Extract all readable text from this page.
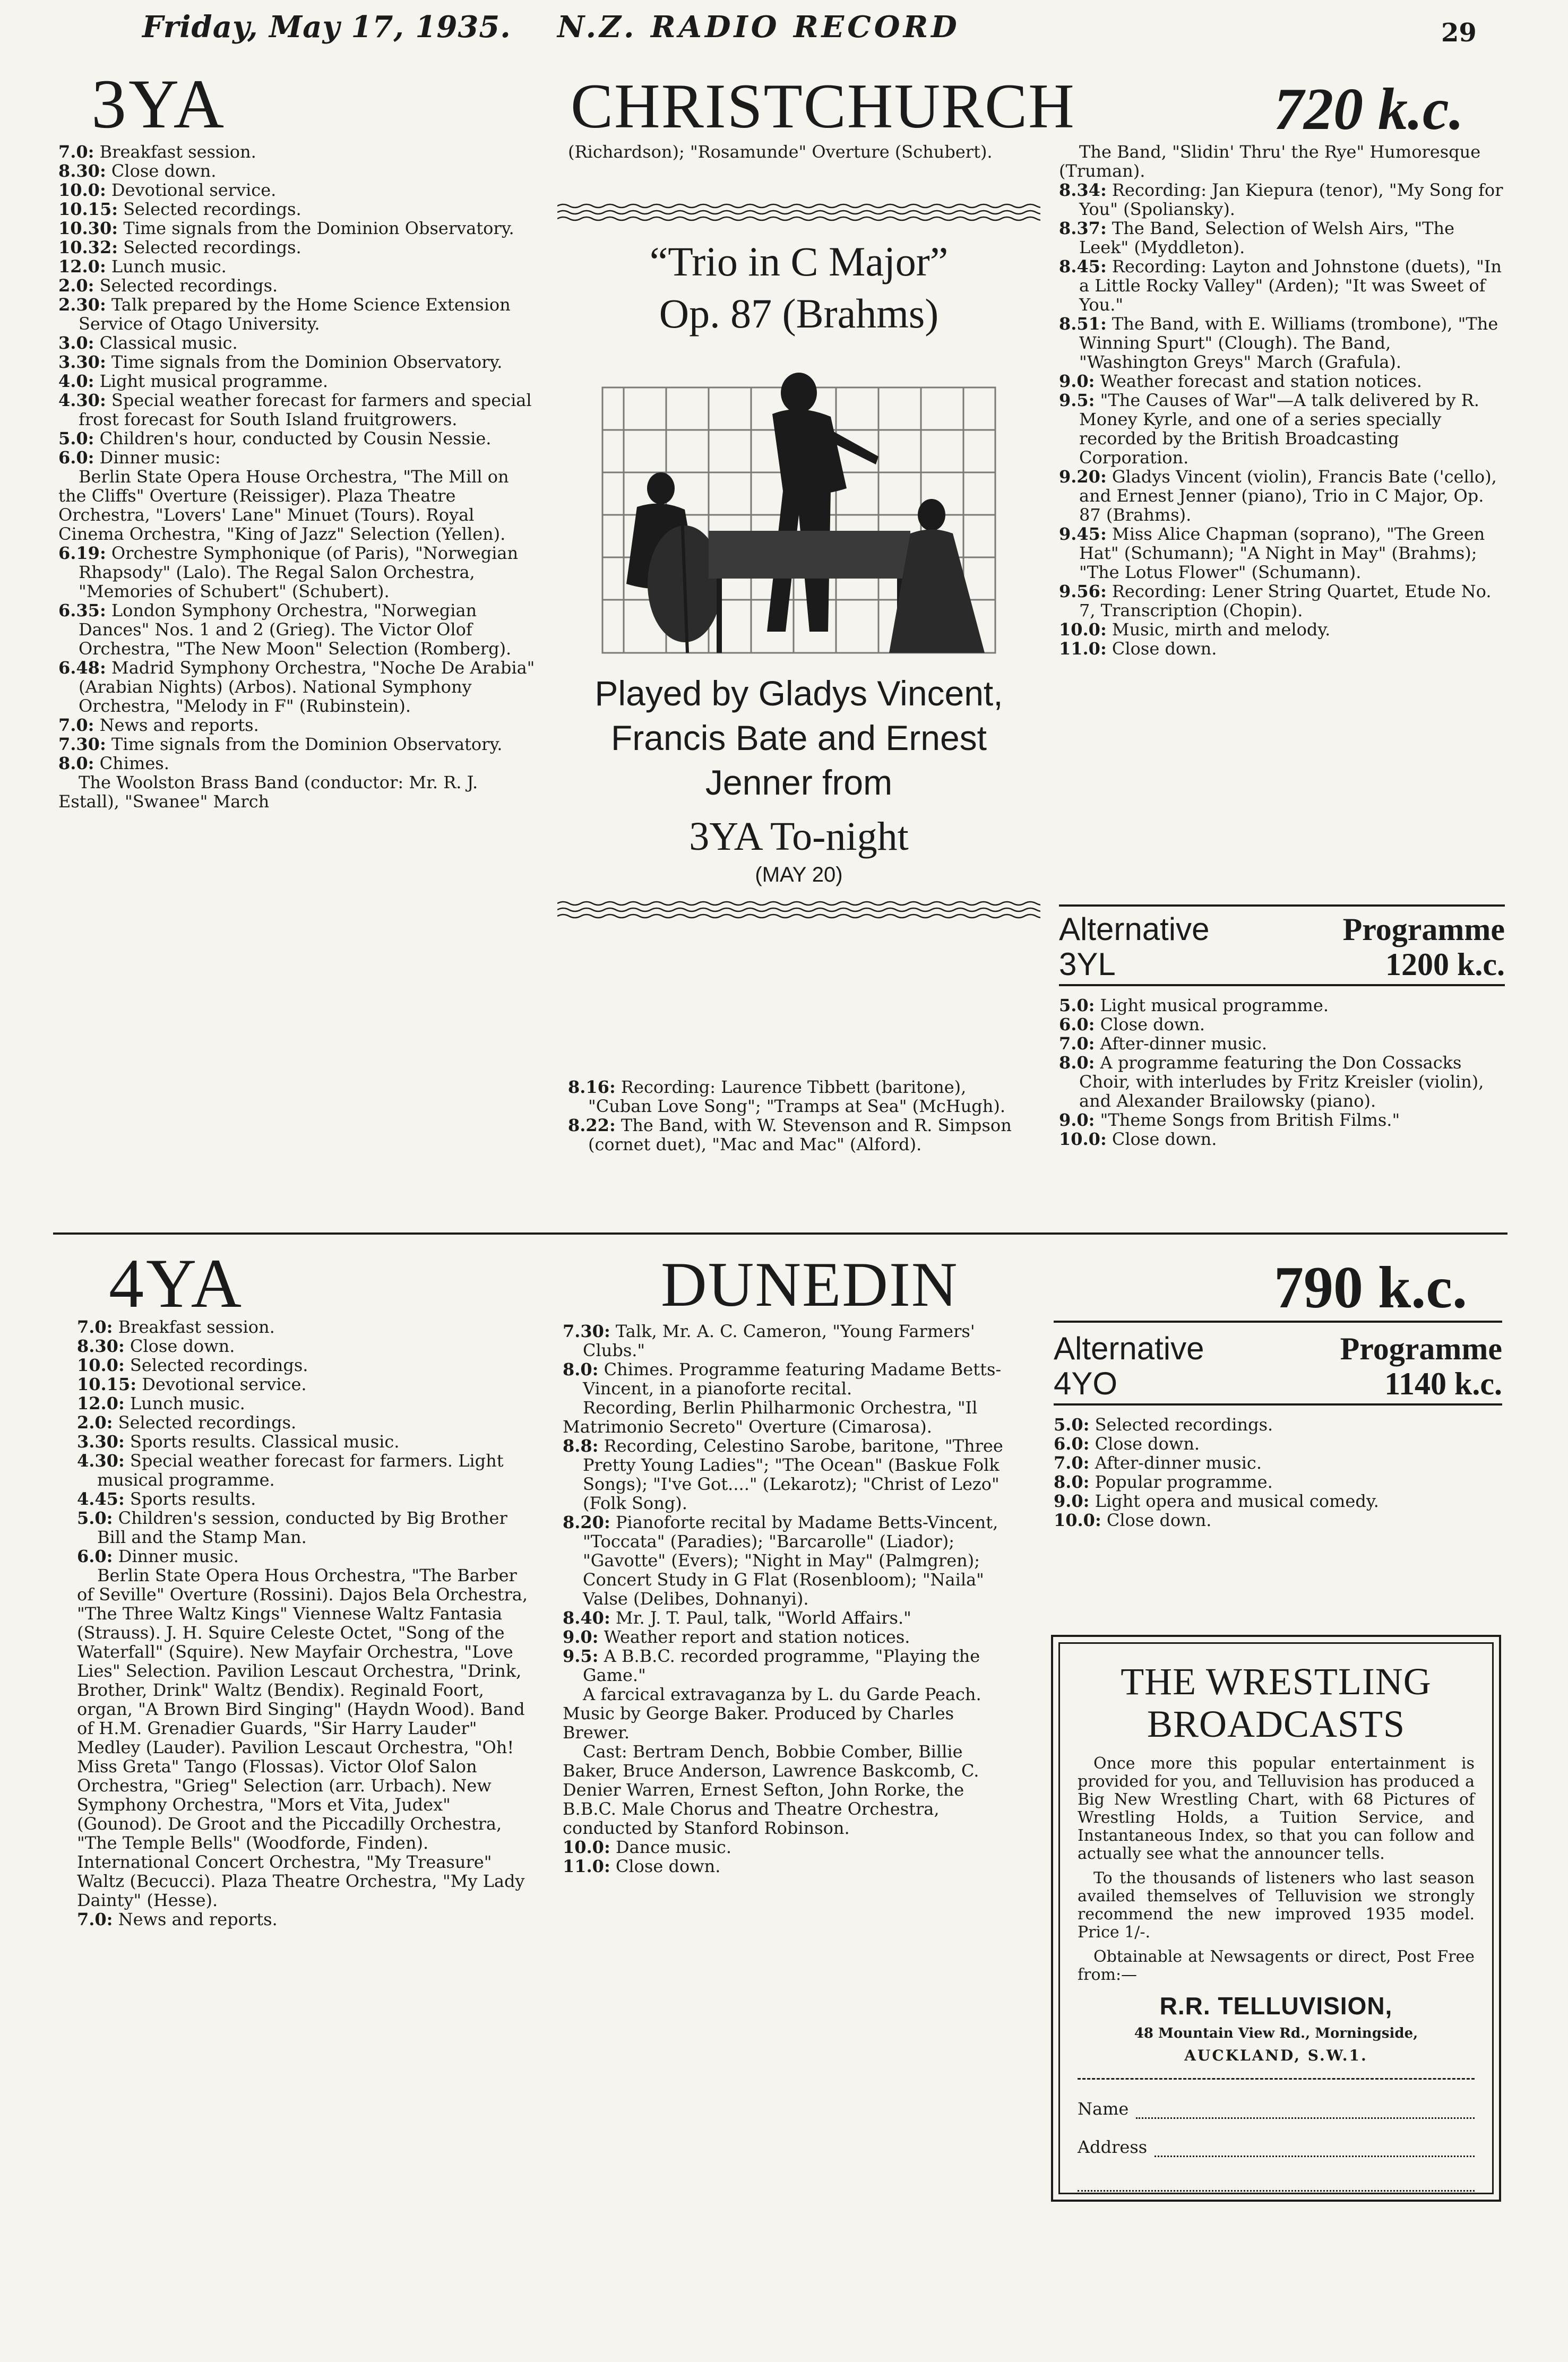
Friday, May 17, 1935. N.Z. RADIO RECORD	29
3YA	CHRISTCHURCH	720 k.c.

7.0: Breakfast session.

8.30: Close down.

10.0: Devotional service.

10.15: Selected recordings.

10.30: Time signals from the Dominion Observatory.

10.32: Selected recordings.

12.0: Lunch music.

2.0: Selected recordings.

2.30: Talk prepared by the Home Science Extension Service of Otago University.

3.0: Classical music.

3.30: Time signals from the Dominion Observatory.

4.0: Light musical programme.

4.30: Special weather forecast for farmers and special frost forecast for South Island fruitgrowers.

5.0: Children's hour, conducted by Cousin Nessie.

6.0: Dinner music:

Berlin State Opera House Orchestra, "The Mill on the Cliffs" Overture (Reissiger). Plaza Theatre Orchestra, "Lovers' Lane" Minuet (Tours). Royal Cinema Orchestra, "King of Jazz" Selection (Yellen).

6.19: Orchestre Symphonique (of Paris), "Norwegian Rhapsody" (Lalo). The Regal Salon Orchestra, "Memories of Schubert" (Schubert).

6.35: London Symphony Orchestra, "Norwegian Dances" Nos. 1 and 2 (Grieg). The Victor Olof Orchestra, "The New Moon" Selection (Romberg).

6.48: Madrid Symphony Orchestra, "Noche De Arabia" (Arabian Nights) (Arbos). National Symphony Orchestra, "Melody in F" (Rubinstein).

7.0: News and reports.

7.30: Time signals from the Dominion Observatory.

8.0: Chimes.

The Woolston Brass Band (conductor: Mr. R. J. Estall), "Swanee" March

(Richardson); "Rosamunde" Overture (Schubert).

“Trio in C Major”
Op. 87 (Brahms)
Played by Gladys Vincent, Francis Bate and Ernest Jenner from
3YA To-night
(MAY 20)

8.16: Recording: Laurence Tibbett (baritone), "Cuban Love Song"; "Tramps at Sea" (McHugh).

8.22: The Band, with W. Stevenson and R. Simpson (cornet duet), "Mac and Mac" (Alford).

The Band, "Slidin' Thru' the Rye" Humoresque (Truman).

8.34: Recording: Jan Kiepura (tenor), "My Song for You" (Spoliansky).

8.37: The Band, Selection of Welsh Airs, "The Leek" (Myddleton).

8.45: Recording: Layton and Johnstone (duets), "In a Little Rocky Valley" (Arden); "It was Sweet of You."

8.51: The Band, with E. Williams (trombone), "The Winning Spurt" (Clough). The Band, "Washington Greys" March (Grafula).

9.0: Weather forecast and station notices.

9.5: "The Causes of War"—A talk delivered by R. Money Kyrle, and one of a series specially recorded by the British Broadcasting Corporation.

9.20: Gladys Vincent (violin), Francis Bate ('cello), and Ernest Jenner (piano), Trio in C Major, Op. 87 (Brahms).

9.45: Miss Alice Chapman (soprano), "The Green Hat" (Schumann); "A Night in May" (Brahms); "The Lotus Flower" (Schumann).

9.56: Recording: Lener String Quartet, Etude No. 7, Transcription (Chopin).

10.0: Music, mirth and melody.

11.0: Close down.

Alternative	Programme
3YL	1200 k.c.

5.0: Light musical programme.

6.0: Close down.

7.0: After-dinner music.

8.0: A programme featuring the Don Cossacks Choir, with interludes by Fritz Kreisler (violin), and Alexander Brailowsky (piano).

9.0: "Theme Songs from British Films."

10.0: Close down.

4YA	DUNEDIN	790 k.c.

7.0: Breakfast session.

8.30: Close down.

10.0: Selected recordings.

10.15: Devotional service.

12.0: Lunch music.

2.0: Selected recordings.

3.30: Sports results. Classical music.

4.30: Special weather forecast for farmers. Light musical programme.

4.45: Sports results.

5.0: Children's session, conducted by Big Brother Bill and the Stamp Man.

6.0: Dinner music.

Berlin State Opera Hous Orchestra, "The Barber of Seville" Overture (Rossini). Dajos Bela Orchestra, "The Three Waltz Kings" Viennese Waltz Fantasia (Strauss). J. H. Squire Celeste Octet, "Song of the Waterfall" (Squire). New Mayfair Orchestra, "Love Lies" Selection. Pavilion Lescaut Orchestra, "Drink, Brother, Drink" Waltz (Bendix). Reginald Foort, organ, "A Brown Bird Singing" (Haydn Wood). Band of H.M. Grenadier Guards, "Sir Harry Lauder" Medley (Lauder). Pavilion Lescaut Orchestra, "Oh! Miss Greta" Tango (Flossas). Victor Olof Salon Orchestra, "Grieg" Selection (arr. Urbach). New Symphony Orchestra, "Mors et Vita, Judex" (Gounod). De Groot and the Piccadilly Orchestra, "The Temple Bells" (Woodforde, Finden). International Concert Orchestra, "My Treasure" Waltz (Becucci). Plaza Theatre Orchestra, "My Lady Dainty" (Hesse).

7.0: News and reports.

7.30: Talk, Mr. A. C. Cameron, "Young Farmers' Clubs."

8.0: Chimes. Programme featuring Madame Betts-Vincent, in a pianoforte recital.

Recording, Berlin Philharmonic Orchestra, "Il Matrimonio Secreto" Overture (Cimarosa).

8.8: Recording, Celestino Sarobe, baritone, "Three Pretty Young Ladies"; "The Ocean" (Baskue Folk Songs); "I've Got...." (Lekarotz); "Christ of Lezo" (Folk Song).

8.20: Pianoforte recital by Madame Betts-Vincent, "Toccata" (Paradies); "Barcarolle" (Liador); "Gavotte" (Evers); "Night in May" (Palmgren); Concert Study in G Flat (Rosenbloom); "Naila" Valse (Delibes, Dohnanyi).

8.40: Mr. J. T. Paul, talk, "World Affairs."

9.0: Weather report and station notices.

9.5: A B.B.C. recorded programme, "Playing the Game."

A farcical extravaganza by L. du Garde Peach. Music by George Baker. Produced by Charles Brewer.

Cast: Bertram Dench, Bobbie Comber, Billie Baker, Bruce Anderson, Lawrence Baskcomb, C. Denier Warren, Ernest Sefton, John Rorke, the B.B.C. Male Chorus and Theatre Orchestra, conducted by Stanford Robinson.

10.0: Dance music.

11.0: Close down.

Alternative	Programme
4YO	1140 k.c.

5.0: Selected recordings.

6.0: Close down.

7.0: After-dinner music.

8.0: Popular programme.

9.0: Light opera and musical comedy.

10.0: Close down.

THE WRESTLING
BROADCASTS

Once more this popular entertainment is provided for you, and Telluvision has produced a Big New Wrestling Chart, with 68 Pictures of Wrestling Holds, a Tuition Service, and Instantaneous Index, so that you can follow and actually see what the announcer tells.

To the thousands of listeners who last season availed themselves of Telluvision we strongly recommend the new improved 1935 model. Price 1/-.

Obtainable at Newsagents or direct, Post Free from:—

R.R. TELLUVISION,
48 Mountain View Rd., Morningside,
AUCKLAND, S.W.1.
Name
Address
